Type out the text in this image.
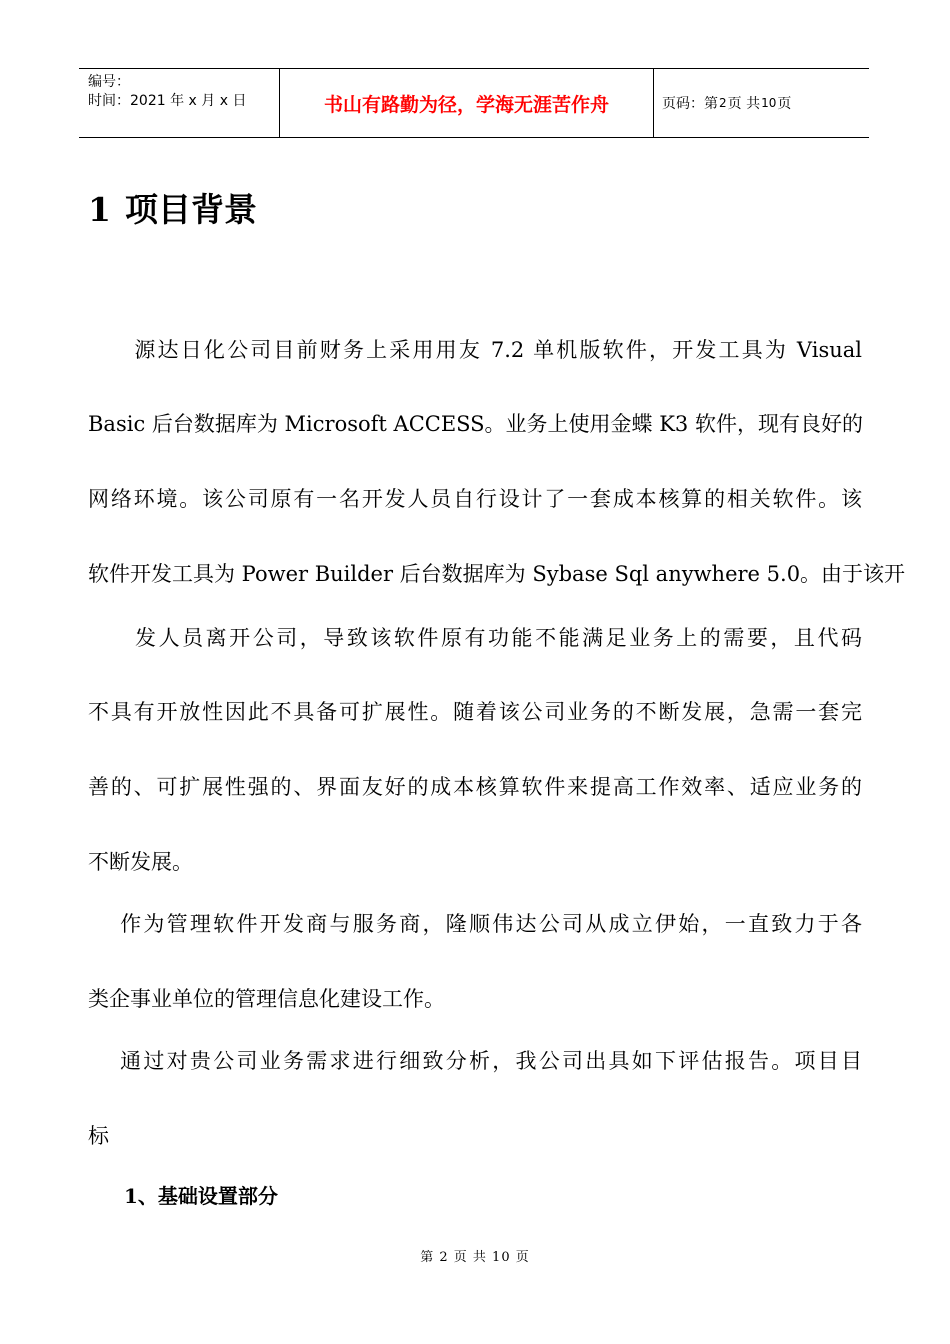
编号：
时间：2021 年 x 月 x 日	书山有路勤为径，学海无涯苦作舟	页码：第 2 页 共 10 页
1 项目背景

　　源达日化公司目前财务上采用用友 7.2 单机版软件，开发工具为 Visual

Basic 后台数据库为 Microsoft ACCESS。业务上使用金蝶 K3 软件，现有良好的

网络环境。该公司原有一名开发人员自行设计了一套成本核算的相关软件。该

软件开发工具为 Power Builder 后台数据库为 Sybase Sql anywhere 5.0。由于该开

　　发人员离开公司，导致该软件原有功能不能满足业务上的需要，且代码

不具有开放性因此不具备可扩展性。随着该公司业务的不断发展，急需一套完

善的、可扩展性强的、界面友好的成本核算软件来提高工作效率、适应业务的

不断发展。

　 作为管理软件开发商与服务商，隆顺伟达公司从成立伊始，一直致力于各

类企事业单位的管理信息化建设工作。

　 通过对贵公司业务需求进行细致分析，我公司出具如下评估报告。项目目

标

1、基础设置部分
第 2 页 共 10 页
